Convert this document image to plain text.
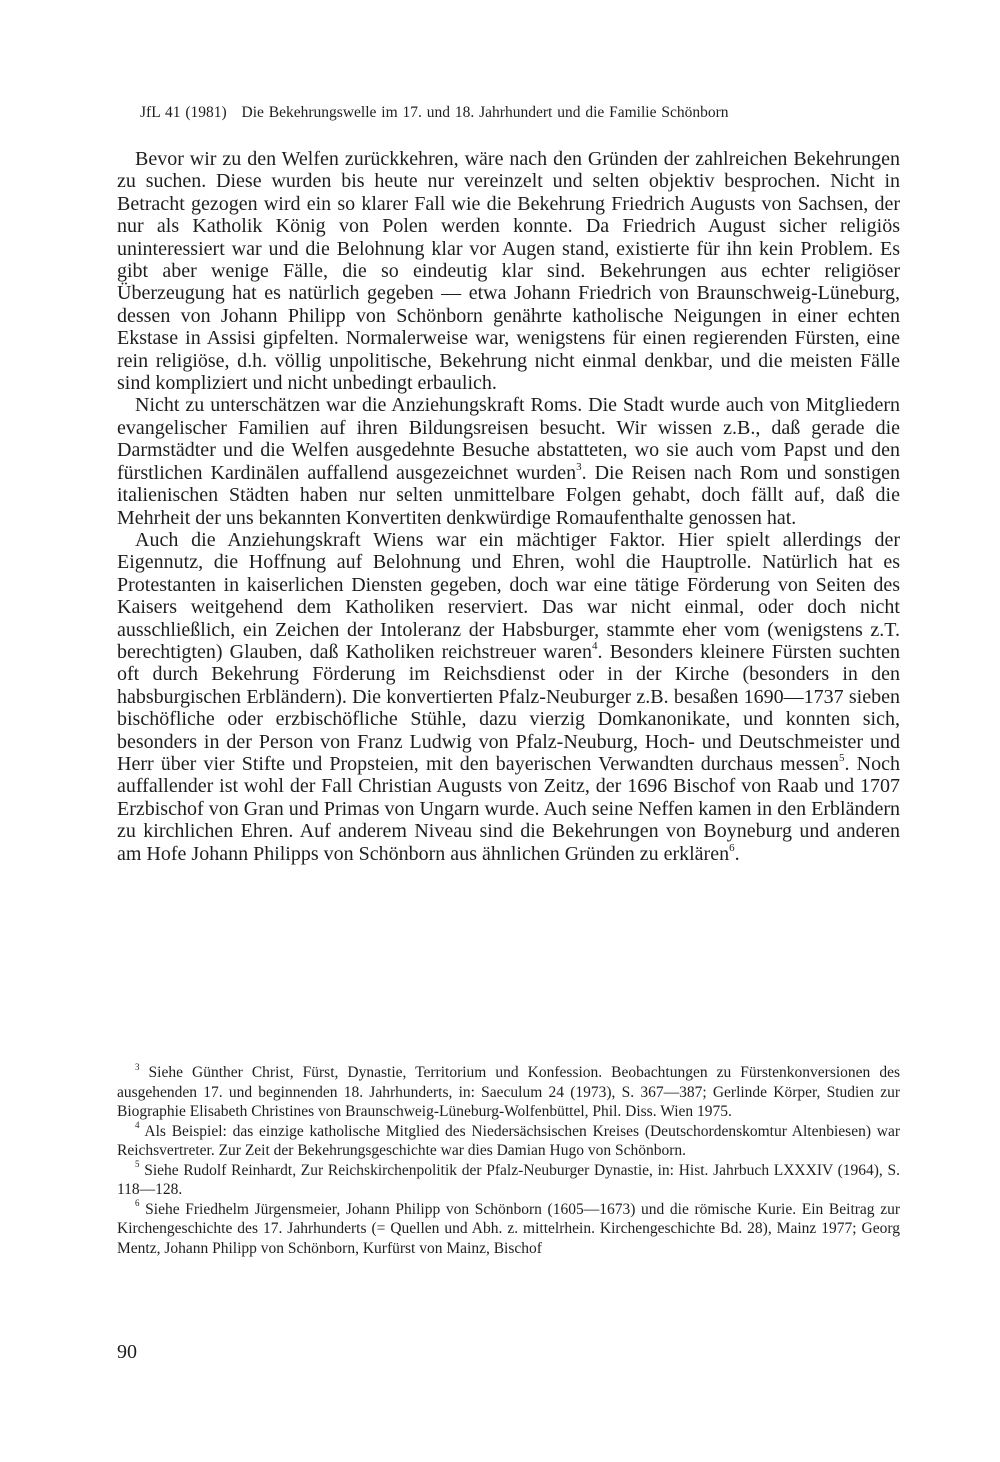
JfL 41 (1981) Die Bekehrungswelle im 17. und 18. Jahrhundert und die Familie Schönborn

Bevor wir zu den Welfen zurückkehren, wäre nach den Gründen der zahlreichen Bekehrungen zu suchen. Diese wurden bis heute nur vereinzelt und selten objektiv besprochen. Nicht in Betracht gezogen wird ein so klarer Fall wie die Bekehrung Friedrich Augusts von Sachsen, der nur als Katholik König von Polen werden konnte. Da Friedrich August sicher religiös uninteressiert war und die Belohnung klar vor Augen stand, existierte für ihn kein Problem. Es gibt aber wenige Fälle, die so eindeutig klar sind. Bekehrungen aus echter religiöser Überzeugung hat es natürlich gegeben — etwa Johann Friedrich von Braunschweig-Lüneburg, dessen von Johann Philipp von Schönborn genährte katholische Neigungen in einer echten Ekstase in Assisi gipfelten. Normalerweise war, wenigstens für einen regierenden Fürsten, eine rein religiöse, d.h. völlig unpolitische, Bekehrung nicht einmal denkbar, und die meisten Fälle sind kompliziert und nicht unbedingt erbaulich.

Nicht zu unterschätzen war die Anziehungskraft Roms. Die Stadt wurde auch von Mitgliedern evangelischer Familien auf ihren Bildungsreisen besucht. Wir wissen z.B., daß gerade die Darmstädter und die Welfen ausgedehnte Besuche abstatteten, wo sie auch vom Papst und den fürstlichen Kardinälen auffallend ausgezeichnet wurden$^3$. Die Reisen nach Rom und sonstigen italienischen Städten haben nur selten unmittelbare Folgen gehabt, doch fällt auf, daß die Mehrheit der uns bekannten Konvertiten denkwürdige Romaufenthalte genossen hat.

Auch die Anziehungskraft Wiens war ein mächtiger Faktor. Hier spielt allerdings der Eigennutz, die Hoffnung auf Belohnung und Ehren, wohl die Hauptrolle. Natürlich hat es Protestanten in kaiserlichen Diensten gegeben, doch war eine tätige Förderung von Seiten des Kaisers weitgehend dem Katholiken reserviert. Das war nicht einmal, oder doch nicht ausschließlich, ein Zeichen der Intoleranz der Habsburger, stammte eher vom (wenigstens z.T. berechtigten) Glauben, daß Katholiken reichstreuer waren$^4$. Besonders kleinere Fürsten suchten oft durch Bekehrung Förderung im Reichsdienst oder in der Kirche (besonders in den habsburgischen Erbländern). Die konvertierten Pfalz-Neuburger z.B. besaßen 1690—1737 sieben bischöfliche oder erzbischöfliche Stühle, dazu vierzig Domkanonikate, und konnten sich, besonders in der Person von Franz Ludwig von Pfalz-Neuburg, Hoch- und Deutschmeister und Herr über vier Stifte und Propsteien, mit den bayerischen Verwandten durchaus messen$^5$. Noch auffallender ist wohl der Fall Christian Augusts von Zeitz, der 1696 Bischof von Raab und 1707 Erzbischof von Gran und Primas von Ungarn wurde. Auch seine Neffen kamen in den Erbländern zu kirchlichen Ehren. Auf anderem Niveau sind die Bekehrungen von Boyneburg und anderen am Hofe Johann Philipps von Schönborn aus ähnlichen Gründen zu erklären$^6$.

$^3$ Siehe Günther Christ, Fürst, Dynastie, Territorium und Konfession. Beobachtungen zu Fürstenkonversionen des ausgehenden 17. und beginnenden 18. Jahrhunderts, in: Saeculum 24 (1973), S. 367—387; Gerlinde Körper, Studien zur Biographie Elisabeth Christines von Braunschweig-Lüneburg-Wolfenbüttel, Phil. Diss. Wien 1975.

$^4$ Als Beispiel: das einzige katholische Mitglied des Niedersächsischen Kreises (Deutschordenskomtur Altenbiesen) war Reichsvertreter. Zur Zeit der Bekehrungsgeschichte war dies Damian Hugo von Schönborn.

$^5$ Siehe Rudolf Reinhardt, Zur Reichskirchenpolitik der Pfalz-Neuburger Dynastie, in: Hist. Jahrbuch LXXXIV (1964), S. 118—128.

$^6$ Siehe Friedhelm Jürgensmeier, Johann Philipp von Schönborn (1605—1673) und die römische Kurie. Ein Beitrag zur Kirchengeschichte des 17. Jahrhunderts (= Quellen und Abh. z. mittelrhein. Kirchengeschichte Bd. 28), Mainz 1977; Georg Mentz, Johann Philipp von Schönborn, Kurfürst von Mainz, Bischof

90
